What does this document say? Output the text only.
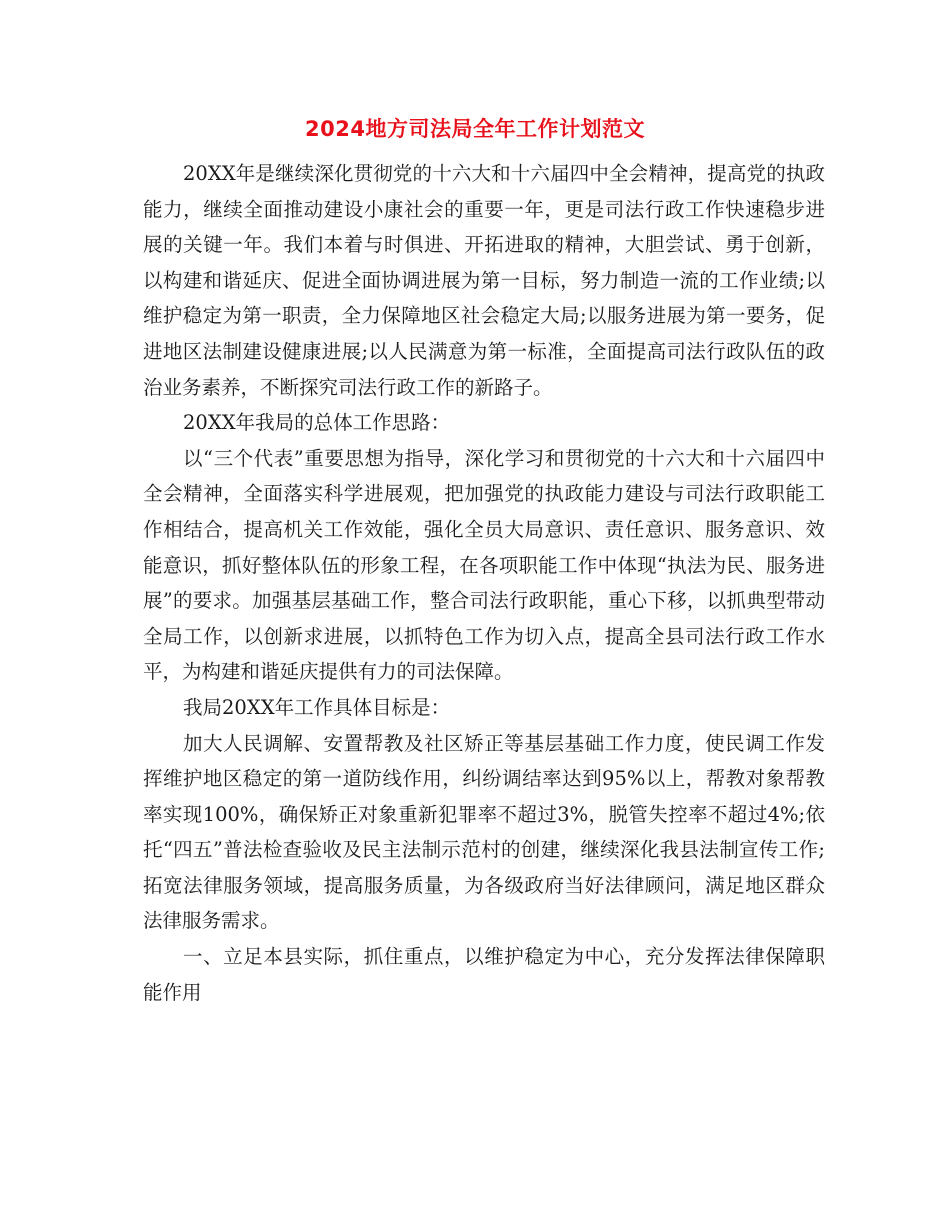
2024地方司法局全年工作计划范文

20XX年是继续深化贯彻党的十六大和十六届四中全会精神，提高党的执政能力，继续全面推动建设小康社会的重要一年，更是司法行政工作快速稳步进展的关键一年。我们本着与时俱进、开拓进取的精神，大胆尝试、勇于创新，以构建和谐延庆、促进全面协调进展为第一目标，努力制造一流的工作业绩;以维护稳定为第一职责，全力保障地区社会稳定大局;以服务进展为第一要务，促进地区法制建设健康进展;以人民满意为第一标准，全面提高司法行政队伍的政治业务素养，不断探究司法行政工作的新路子。

20XX年我局的总体工作思路：

以“三个代表”重要思想为指导，深化学习和贯彻党的十六大和十六届四中全会精神，全面落实科学进展观，把加强党的执政能力建设与司法行政职能工作相结合，提高机关工作效能，强化全员大局意识、责任意识、服务意识、效能意识，抓好整体队伍的形象工程，在各项职能工作中体现“执法为民、服务进展”的要求。加强基层基础工作，整合司法行政职能，重心下移，以抓典型带动全局工作，以创新求进展，以抓特色工作为切入点，提高全县司法行政工作水平，为构建和谐延庆提供有力的司法保障。

我局20XX年工作具体目标是：

加大人民调解、安置帮教及社区矫正等基层基础工作力度，使民调工作发挥维护地区稳定的第一道防线作用，纠纷调结率达到95%以上，帮教对象帮教率实现100%，确保矫正对象重新犯罪率不超过3%，脱管失控率不超过4%;依托“四五”普法检查验收及民主法制示范村的创建，继续深化我县法制宣传工作;拓宽法律服务领域，提高服务质量，为各级政府当好法律顾问，满足地区群众法律服务需求。

一、立足本县实际，抓住重点，以维护稳定为中心，充分发挥法律保障职能作用
